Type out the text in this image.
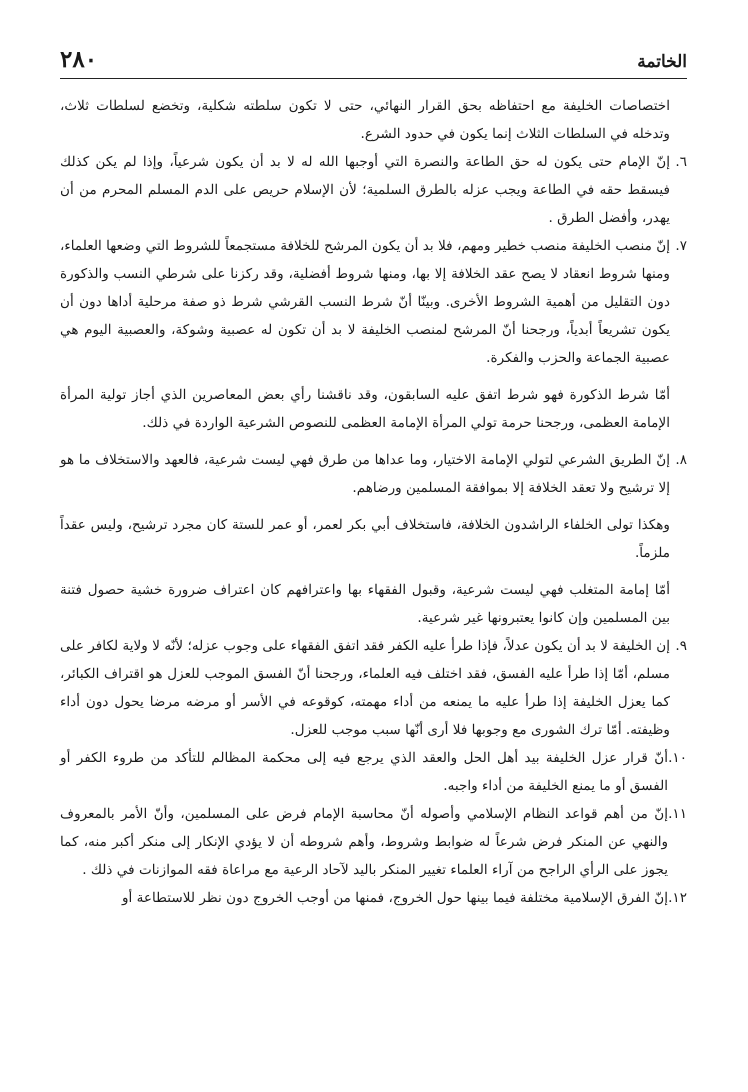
الخاتمة
٢٨٠

اختصاصات الخليفة مع احتفاظه بحق القرار النهائي، حتى لا تكون سلطته شكلية، وتخضع لسلطات ثلاث، وتدخله في السلطات الثلاث إنما يكون في حدود الشرع.

٦.

إنّ الإمام حتى يكون له حق الطاعة والنصرة التي أوجبها الله له لا بد أن يكون شرعياً، وإذا لم يكن كذلك فيسقط حقه في الطاعة ويجب عزله بالطرق السلمية؛ لأن الإسلام حريص على الدم المسلم المحرم من أن يهدر، وأفضل الطرق .

٧.

إنّ منصب الخليفة منصب خطير ومهم، فلا بد أن يكون المرشح للخلافة مستجمعاً للشروط التي وضعها العلماء، ومنها شروط انعقاد لا يصح عقد الخلافة إلا بها، ومنها شروط أفضلية، وقد ركزنا على شرطي النسب والذكورة دون التقليل من أهمية الشروط الأخرى. وبينّا أنّ شرط النسب القرشي شرط ذو صفة مرحلية أداها دون أن يكون تشريعاً أبدياً، ورجحنا أنّ المرشح لمنصب الخليفة لا بد أن تكون له عصبية وشوكة، والعصبية اليوم هي عصبية الجماعة والحزب والفكرة.

أمّا شرط الذكورة فهو شرط اتفق عليه السابقون، وقد ناقشنا رأي بعض المعاصرين الذي أجاز تولية المرأة الإمامة العظمى، ورجحنا حرمة تولي المرأة الإمامة العظمى للنصوص الشرعية الواردة في ذلك.

٨.

إنّ الطريق الشرعي لتولي الإمامة الاختيار، وما عداها من طرق فهي ليست شرعية، فالعهد والاستخلاف ما هو إلا ترشيح ولا تعقد الخلافة إلا بموافقة المسلمين ورضاهم.

وهكذا تولى الخلفاء الراشدون الخلافة، فاستخلاف أبي بكر لعمر، أو عمر للستة كان مجرد ترشيح، وليس عقداً ملزماً.

أمّا إمامة المتغلب فهي ليست شرعية، وقبول الفقهاء بها واعترافهم كان اعتراف ضرورة خشية حصول فتنة بين المسلمين وإن كانوا يعتبرونها غير شرعية.

٩.

إن الخليفة لا بد أن يكون عدلاً، فإذا طرأ عليه الكفر فقد اتفق الفقهاء على وجوب عزله؛ لأنّه لا ولاية لكافر على مسلم، أمّا إذا طرأ عليه الفسق، فقد اختلف فيه العلماء، ورجحنا أنّ الفسق الموجب للعزل هو اقتراف الكبائر، كما يعزل الخليفة إذا طرأ عليه ما يمنعه من أداء مهمته، كوقوعه في الأسر أو مرضه مرضا يحول دون أداء وظيفته. أمّا ترك الشورى مع وجوبها فلا أرى أنّها سبب موجب للعزل.

١٠.

أنّ قرار عزل الخليفة بيد أهل الحل والعقد الذي يرجع فيه إلى محكمة المظالم للتأكد من طروء الكفر أو الفسق أو ما يمنع الخليفة من أداء واجبه.

١١.

إنّ من أهم قواعد النظام الإسلامي وأصوله أنّ محاسبة الإمام فرض على المسلمين، وأنّ الأمر بالمعروف والنهي عن المنكر فرض شرعاً له ضوابط وشروط، وأهم شروطه أن لا يؤدي الإنكار إلى منكر أكبر منه، كما يجوز على الرأي الراجح من آراء العلماء تغيير المنكر باليد لآحاد الرعية مع مراعاة فقه الموازنات في ذلك .

١٢.

إنّ الفرق الإسلامية مختلفة فيما بينها حول الخروج، فمنها من أوجب الخروج دون نظر للاستطاعة أو
